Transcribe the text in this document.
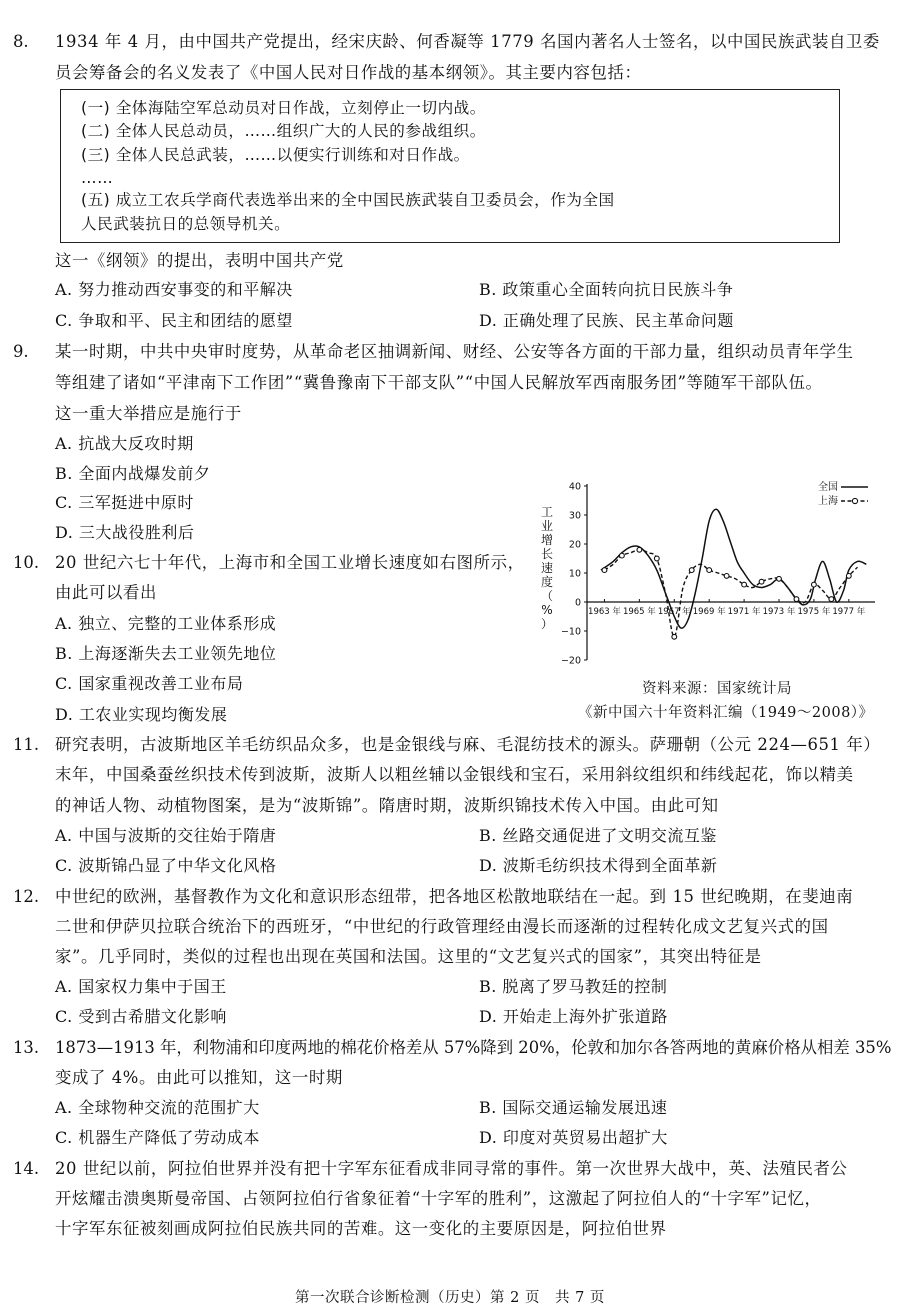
8. 1934 年 4 月，由中国共产党提出，经宋庆龄、何香凝等 1779 名国内著名人士签名，以中国民族武装自卫委
员会筹备会的名义发表了《中国人民对日作战的基本纲领》。其主要内容包括：
(一) 全体海陆空军总动员对日作战，立刻停止一切内战。
(二) 全体人民总动员，……组织广大的人民的参战组织。
(三) 全体人民总武装，……以便实行训练和对日作战。
……
(五) 成立工农兵学商代表选举出来的全中国民族武装自卫委员会，作为全国
人民武装抗日的总领导机关。
这一《纲领》的提出，表明中国共产党
A. 努力推动西安事变的和平解决	B. 政策重心全面转向抗日民族斗争
C. 争取和平、民主和团结的愿望	D. 正确处理了民族、民主革命问题
9. 某一时期，中共中央审时度势，从革命老区抽调新闻、财经、公安等各方面的干部力量，组织动员青年学生
等组建了诸如“平津南下工作团”“冀鲁豫南下干部支队”“中国人民解放军西南服务团”等随军干部队伍。
这一重大举措应是施行于
A. 抗战大反攻时期
B. 全面内战爆发前夕
C. 三军挺进中原时
D. 三大战役胜利后
10. 20 世纪六七十年代，上海市和全国工业增长速度如右图所示，
由此可以看出
A. 独立、完整的工业体系形成
B. 上海逐渐失去工业领先地位
C. 国家重视改善工业布局
D. 工农业实现均衡发展
工
业
增
长
速
度
（
%
）
40
30
20
10
0
−10
−20
1963 年 1965 年 1967 年 1969 年 1971 年 1973 年 1975 年 1977 年
全国
上海
资料来源：国家统计局
《新中国六十年资料汇编（1949～2008）》
11. 研究表明，古波斯地区羊毛纺织品众多，也是金银线与麻、毛混纺技术的源头。萨珊朝（公元 224—651 年）
末年，中国桑蚕丝织技术传到波斯，波斯人以粗丝辅以金银线和宝石，采用斜纹组织和纬线起花，饰以精美
的神话人物、动植物图案，是为“波斯锦”。隋唐时期，波斯织锦技术传入中国。由此可知
A. 中国与波斯的交往始于隋唐	B. 丝路交通促进了文明交流互鉴
C. 波斯锦凸显了中华文化风格	D. 波斯毛纺织技术得到全面革新
12. 中世纪的欧洲，基督教作为文化和意识形态纽带，把各地区松散地联结在一起。到 15 世纪晚期，在斐迪南
二世和伊萨贝拉联合统治下的西班牙，“中世纪的行政管理经由漫长而逐渐的过程转化成文艺复兴式的国
家”。几乎同时，类似的过程也出现在英国和法国。这里的“文艺复兴式的国家”，其突出特征是
A. 国家权力集中于国王	B. 脱离了罗马教廷的控制
C. 受到古希腊文化影响	D. 开始走上海外扩张道路
13. 1873—1913 年，利物浦和印度两地的棉花价格差从 57%降到 20%，伦敦和加尔各答两地的黄麻价格从相差 35%
变成了 4%。由此可以推知，这一时期
A. 全球物种交流的范围扩大	B. 国际交通运输发展迅速
C. 机器生产降低了劳动成本	D. 印度对英贸易出超扩大
14. 20 世纪以前，阿拉伯世界并没有把十字军东征看成非同寻常的事件。第一次世界大战中，英、法殖民者公
开炫耀击溃奥斯曼帝国、占领阿拉伯行省象征着“十字军的胜利”，这激起了阿拉伯人的“十字军”记忆，
十字军东征被刻画成阿拉伯民族共同的苦难。这一变化的主要原因是，阿拉伯世界
第一次联合诊断检测（历史）第 2 页　共 7 页
